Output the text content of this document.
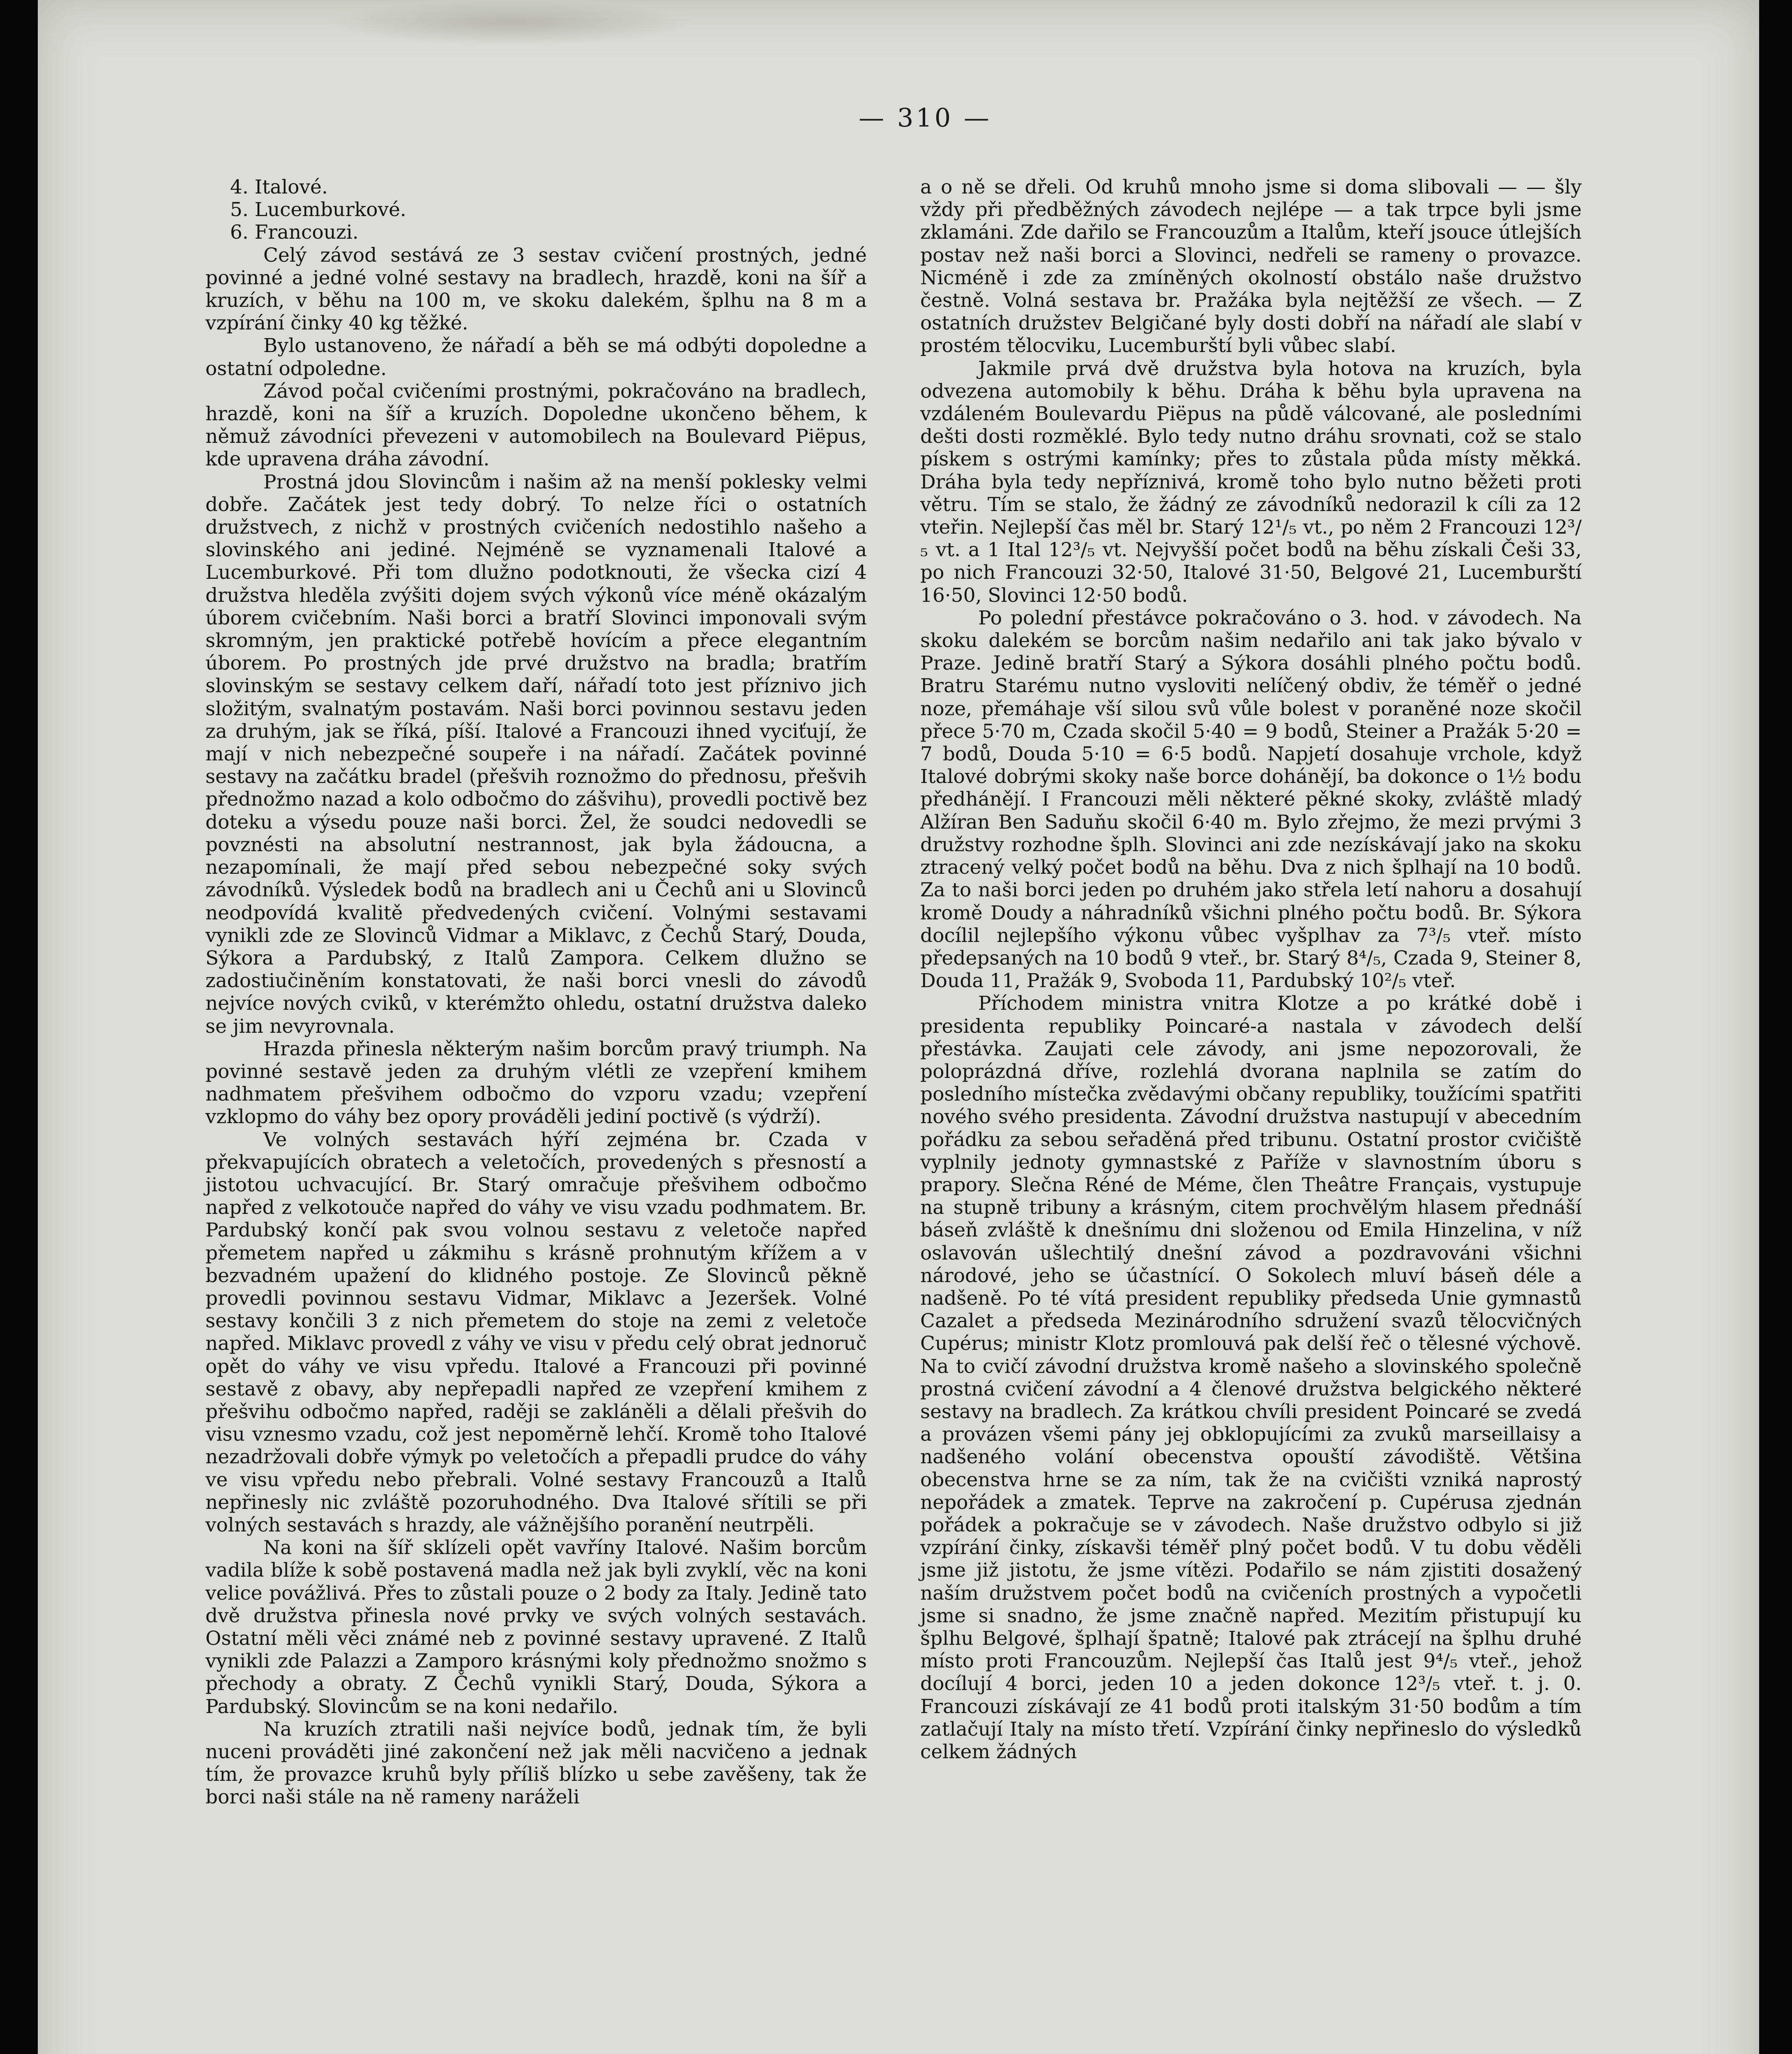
— 310 —
4. Italové.
5. Lucemburkové.
6. Francouzi.

Celý závod sestává ze 3 sestav cvičení prostných, jedné povinné a jedné volné sestavy na bradlech, hrazdě, koni na šíř a kruzích, v běhu na 100 m, ve skoku dalekém, šplhu na 8 m a vzpírání činky 40 kg těžké.

Bylo ustanoveno, že nářadí a běh se má odbýti dopoledne a ostatní odpoledne.

Závod počal cvičeními prostnými, pokračováno na bradlech, hrazdě, koni na šíř a kruzích. Dopoledne ukončeno během, k němuž závodníci převezeni v automobilech na Boulevard Piëpus, kde upravena dráha závodní.

Prostná jdou Slovincům i našim až na menší poklesky velmi dobře. Začátek jest tedy dobrý. To nelze říci o ostatních družstvech, z nichž v prostných cvičeních nedostihlo našeho a slovinského ani jediné. Nejméně se vyznamenali Italové a Lucemburkové. Při tom dlužno podotknouti, že všecka cizí 4 družstva hleděla zvýšiti dojem svých výkonů více méně okázalým úborem cvičebním. Naši borci a bratří Slovinci imponovali svým skromným, jen praktické potřebě hovícím a přece elegantním úborem. Po prostných jde prvé družstvo na bradla; bratřím slovinským se sestavy celkem daří, nářadí toto jest příznivo jich složitým, svalnatým postavám. Naši borci povinnou sestavu jeden za druhým, jak se říká, píší. Italové a Francouzi ihned vyciťují, že mají v nich nebezpečné soupeře i na nářadí. Začátek povinné sestavy na začátku bradel (přešvih roznožmo do přednosu, přešvih přednožmo nazad a kolo odbočmo do zášvihu), provedli poctivě bez doteku a výsedu pouze naši borci. Žel, že soudci nedovedli se povznésti na absolutní nestrannost, jak byla žádoucna, a nezapomínali, že mají před sebou nebezpečné soky svých závodníků. Výsledek bodů na bradlech ani u Čechů ani u Slovinců neodpovídá kvalitě předvedených cvičení. Volnými sestavami vynikli zde ze Slovinců Vidmar a Miklavc, z Čechů Starý, Douda, Sýkora a Pardubský, z Italů Zampora. Celkem dlužno se zadostiučiněním konstatovati, že naši borci vnesli do závodů nejvíce nových cviků, v kterémžto ohledu, ostatní družstva daleko se jim nevyrovnala.

Hrazda přinesla některým našim borcům pravý triumph. Na povinné sestavě jeden za druhým vlétli ze vzepření kmihem nadhmatem přešvihem odbočmo do vzporu vzadu; vzepření vzklopmo do váhy bez opory prováděli jediní poctivě (s výdrží).

Ve volných sestavách hýří zejména br. Czada v překvapujících obratech a veletočích, provedených s přesností a jistotou uchvacující. Br. Starý omračuje přešvihem odbočmo napřed z velkotouče napřed do váhy ve visu vzadu podhmatem. Br. Pardubský končí pak svou volnou sestavu z veletoče napřed přemetem napřed u zákmihu s krásně prohnutým křížem a v bezvadném upažení do klidného postoje. Ze Slovinců pěkně provedli povinnou sestavu Vidmar, Miklavc a Jezeršek. Volné sestavy končili 3 z nich přemetem do stoje na zemi z veletoče napřed. Miklavc provedl z váhy ve visu v předu celý obrat jednoruč opět do váhy ve visu vpředu. Italové a Francouzi při povinné sestavě z obavy, aby nepřepadli napřed ze vzepření kmihem z přešvihu odbočmo napřed, raději se zakláněli a dělali přešvih do visu vznesmo vzadu, což jest nepoměrně lehčí. Kromě toho Italové nezadržovali dobře výmyk po veletočích a přepadli prudce do váhy ve visu vpředu nebo přebrali. Volné sestavy Francouzů a Italů nepřinesly nic zvláště pozoruhodného. Dva Italové sřítili se při volných sestavách s hrazdy, ale vážnějšího poranění neutrpěli.

Na koni na šíř sklízeli opět vavříny Italové. Našim borcům vadila blíže k sobě postavená madla než jak byli zvyklí, věc na koni velice povážlivá. Přes to zůstali pouze o 2 body za Italy. Jedině tato dvě družstva přinesla nové prvky ve svých volných sestavách. Ostatní měli věci známé neb z povinné sestavy upravené. Z Italů vynikli zde Palazzi a Zamporo krásnými koly přednožmo snožmo s přechody a obraty. Z Čechů vynikli Starý, Douda, Sýkora a Pardubský. Slovincům se na koni nedařilo.

Na kruzích ztratili naši nejvíce bodů, jednak tím, že byli nuceni prováděti jiné zakončení než jak měli nacvičeno a jednak tím, že provazce kruhů byly příliš blízko u sebe zavěšeny, tak že borci naši stále na ně rameny naráželi

a o ně se dřeli. Od kruhů mnoho jsme si doma slibovali — — šly vždy při předběžných závodech nejlépe — a tak trpce byli jsme zklamáni. Zde dařilo se Francouzům a Italům, kteří jsouce útlejších postav než naši borci a Slovinci, nedřeli se rameny o provazce. Nicméně i zde za zmíněných okolností obstálo naše družstvo čestně. Volná sestava br. Pražáka byla nejtěžší ze všech. — Z ostatních družstev Belgičané byly dosti dobří na nářadí ale slabí v prostém tělocviku, Lucemburští byli vůbec slabí.

Jakmile prvá dvě družstva byla hotova na kruzích, byla odvezena automobily k běhu. Dráha k běhu byla upravena na vzdáleném Boulevardu Piëpus na půdě válcované, ale posledními dešti dosti rozměklé. Bylo tedy nutno dráhu srovnati, což se stalo pískem s ostrými kamínky; přes to zůstala půda místy měkká. Dráha byla tedy nepříznivá, kromě toho bylo nutno běžeti proti větru. Tím se stalo, že žádný ze závodníků nedorazil k cíli za 12 vteřin. Nejlepší čas měl br. Starý 12¹/₅ vt., po něm 2 Francouzi 12³/₅ vt. a 1 Ital 12³/₅ vt. Nejvyšší počet bodů na běhu získali Češi 33, po nich Francouzi 32·50, Italové 31·50, Belgové 21, Lucemburští 16·50, Slovinci 12·50 bodů.

Po polední přestávce pokračováno o 3. hod. v závodech. Na skoku dalekém se borcům našim nedařilo ani tak jako bývalo v Praze. Jedině bratří Starý a Sýkora dosáhli plného počtu bodů. Bratru Starému nutno vysloviti nelíčený obdiv, že téměř o jedné noze, přemáhaje vší silou svů vůle bolest v poraněné noze skočil přece 5·70 m, Czada skočil 5·40 = 9 bodů, Steiner a Pražák 5·20 = 7 bodů, Douda 5·10 = 6·5 bodů. Napjetí dosahuje vrchole, když Italové dobrými skoky naše borce dohánějí, ba dokonce o 1½ bodu předhánějí. I Francouzi měli některé pěkné skoky, zvláště mladý Alžíran Ben Saduňu skočil 6·40 m. Bylo zřejmo, že mezi prvými 3 družstvy rozhodne šplh. Slovinci ani zde nezískávají jako na skoku ztracený velký počet bodů na běhu. Dva z nich šplhají na 10 bodů. Za to naši borci jeden po druhém jako střela letí nahoru a dosahují kromě Doudy a náhradníků všichni plného počtu bodů. Br. Sýkora docílil nejlepšího výkonu vůbec vyšplhav za 7³/₅ vteř. místo předepsaných na 10 bodů 9 vteř., br. Starý 8⁴/₅, Czada 9, Steiner 8, Douda 11, Pražák 9, Svoboda 11, Pardubský 10²/₅ vteř.

Příchodem ministra vnitra Klotze a po krátké době i presidenta republiky Poincaré-a nastala v závodech delší přestávka. Zaujati cele závody, ani jsme nepozorovali, že poloprázdná dříve, rozlehlá dvorana naplnila se zatím do posledního místečka zvědavými občany republiky, toužícími spatřiti nového svého presidenta. Závodní družstva nastupují v abecedním pořádku za sebou seřaděná před tribunu. Ostatní prostor cvičiště vyplnily jednoty gymnastské z Paříže v slavnostním úboru s prapory. Slečna Réné de Méme, člen Theâtre Français, vystupuje na stupně tribuny a krásným, citem prochvělým hlasem přednáší báseň zvláště k dnešnímu dni složenou od Emila Hinzelina, v níž oslavován ušlechtilý dnešní závod a pozdravováni všichni národové, jeho se účastnící. O Sokolech mluví báseň déle a nadšeně. Po té vítá president republiky předseda Unie gymnastů Cazalet a předseda Mezinárodního sdružení svazů tělocvičných Cupérus; ministr Klotz promlouvá pak delší řeč o tělesné výchově. Na to cvičí závodní družstva kromě našeho a slovinského společně prostná cvičení závodní a 4 členové družstva belgického některé sestavy na bradlech. Za krátkou chvíli president Poincaré se zvedá a provázen všemi pány jej obklopujícími za zvuků marseillaisy a nadšeného volání obecenstva opouští závodiště. Většina obecenstva hrne se za ním, tak že na cvičišti vzniká naprostý nepořádek a zmatek. Teprve na zakročení p. Cupérusa zjednán pořádek a pokračuje se v závodech. Naše družstvo odbylo si již vzpírání činky, získavši téměř plný počet bodů. V tu dobu věděli jsme již jistotu, že jsme vítězi. Podařilo se nám zjistiti dosažený naším družstvem počet bodů na cvičeních prostných a vypočetli jsme si snadno, že jsme značně napřed. Mezitím přistupují ku šplhu Belgové, šplhají špatně; Italové pak ztrácejí na šplhu druhé místo proti Francouzům. Nejlepší čas Italů jest 9⁴/₅ vteř., jehož docílují 4 borci, jeden 10 a jeden dokonce 12³/₅ vteř. t. j. 0. Francouzi získávají ze 41 bodů proti italským 31·50 bodům a tím zatlačují Italy na místo třetí. Vzpírání činky nepřineslo do výsledků celkem žádných
